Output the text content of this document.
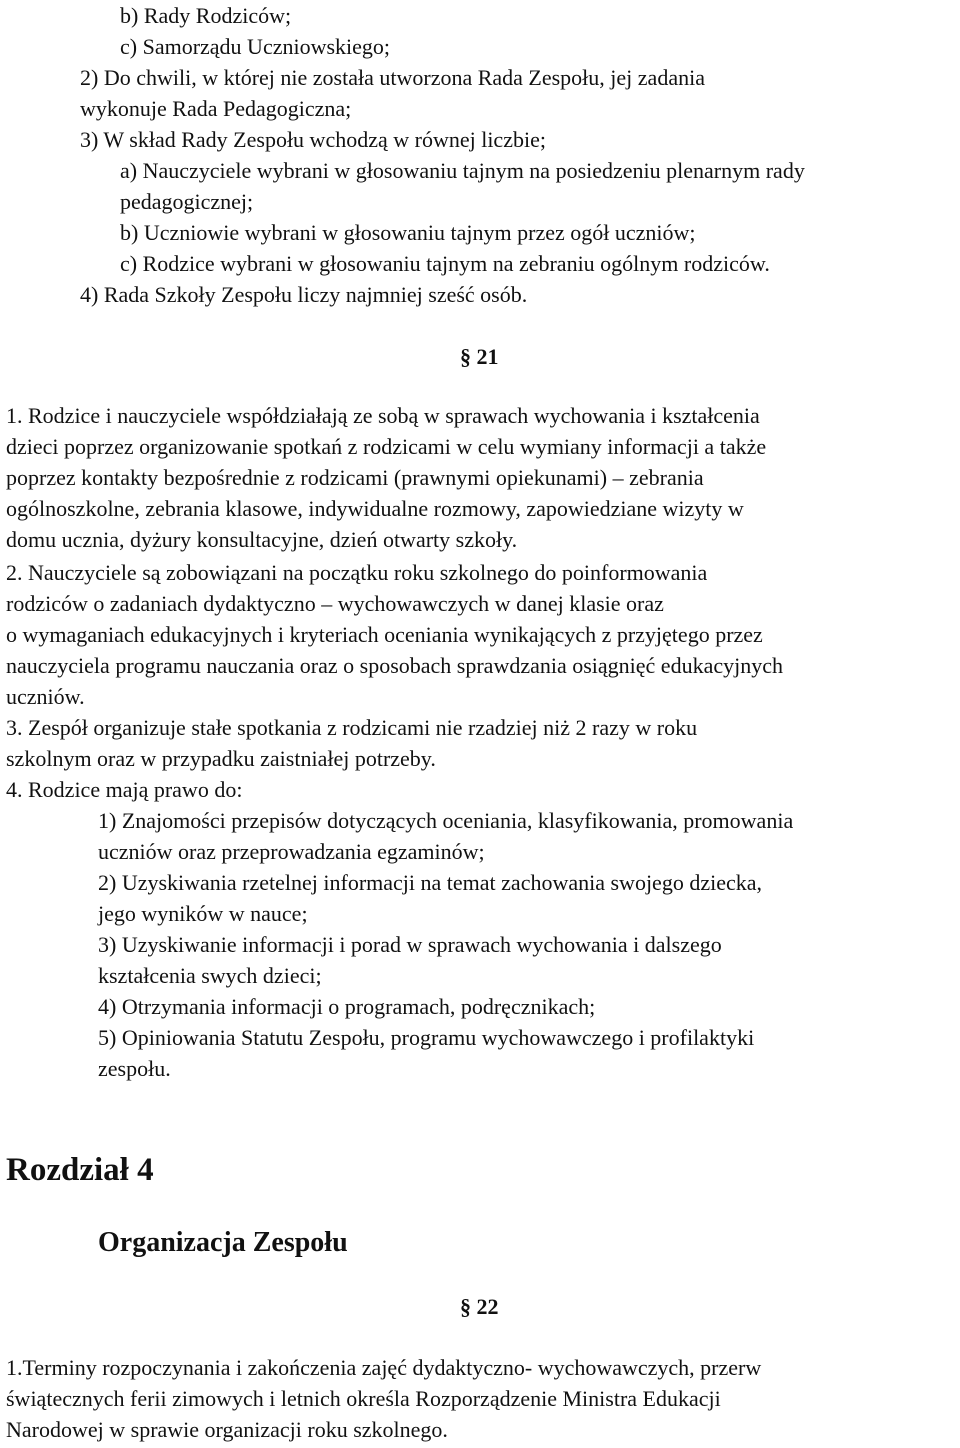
b) Rady Rodziców;
c) Samorządu Uczniowskiego;
2) Do chwili, w której nie została utworzona Rada Zespołu, jej zadania
wykonuje Rada Pedagogiczna;
3) W skład Rady Zespołu wchodzą w równej liczbie;
a) Nauczyciele wybrani w głosowaniu tajnym na posiedzeniu plenarnym rady
pedagogicznej;
b) Uczniowie wybrani w głosowaniu tajnym przez ogół uczniów;
c) Rodzice wybrani w głosowaniu tajnym na zebraniu ogólnym rodziców.
4) Rada Szkoły Zespołu liczy najmniej sześć osób.
§ 21
1. Rodzice i nauczyciele współdziałają ze sobą w sprawach wychowania i kształcenia
dzieci poprzez organizowanie spotkań z rodzicami w celu wymiany informacji a także
poprzez kontakty bezpośrednie z rodzicami (prawnymi opiekunami) – zebrania
ogólnoszkolne, zebrania klasowe, indywidualne rozmowy, zapowiedziane wizyty w
domu ucznia, dyżury konsultacyjne, dzień otwarty szkoły.
2. Nauczyciele są zobowiązani na początku roku szkolnego do poinformowania
rodziców o zadaniach dydaktyczno – wychowawczych w danej klasie oraz
o wymaganiach edukacyjnych i kryteriach oceniania wynikających z przyjętego przez
nauczyciela programu nauczania oraz o sposobach sprawdzania osiągnięć edukacyjnych
uczniów.
3. Zespół organizuje stałe spotkania z rodzicami nie rzadziej niż 2 razy w roku
szkolnym oraz w przypadku zaistniałej potrzeby.
4. Rodzice mają prawo do:
1) Znajomości przepisów dotyczących oceniania, klasyfikowania, promowania
uczniów oraz przeprowadzania egzaminów;
2) Uzyskiwania rzetelnej informacji na temat zachowania swojego dziecka,
jego wyników w nauce;
3) Uzyskiwanie informacji i porad w sprawach wychowania i dalszego
kształcenia swych dzieci;
4) Otrzymania informacji o programach, podręcznikach;
5) Opiniowania Statutu Zespołu, programu wychowawczego i profilaktyki
zespołu.
Rozdział 4
Organizacja Zespołu
§ 22
1.Terminy rozpoczynania i zakończenia zajęć dydaktyczno- wychowawczych, przerw
świątecznych ferii zimowych i letnich określa Rozporządzenie Ministra Edukacji
Narodowej w sprawie organizacji roku szkolnego.
